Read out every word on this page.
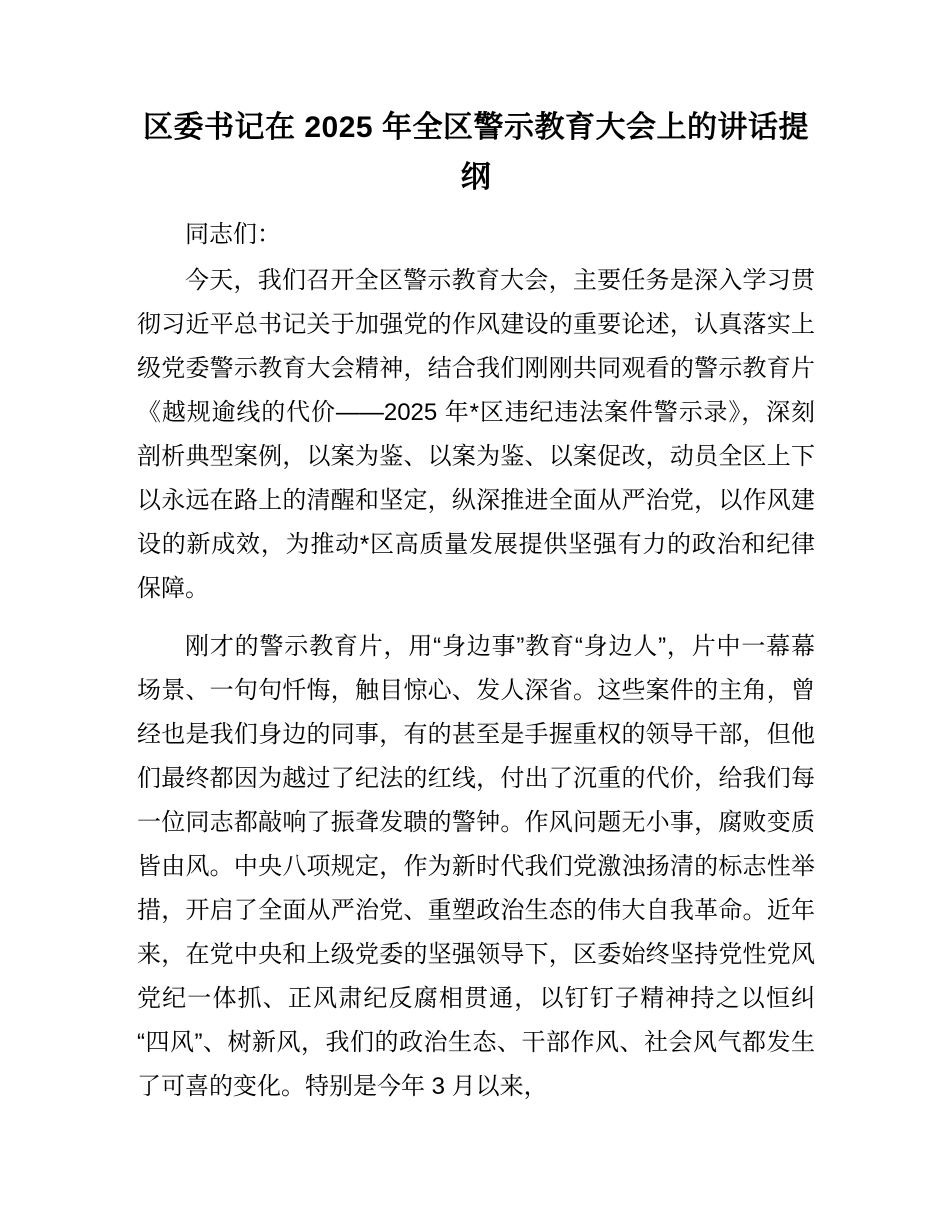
区委书记在 2025 年全区警示教育大会上的讲话提纲

同志们：

今天，我们召开全区警示教育大会，主要任务是深入学习贯彻习近平总书记关于加强党的作风建设的重要论述，认真落实上级党委警示教育大会精神，结合我们刚刚共同观看的警示教育片《越规逾线的代价——2025 年*区违纪违法案件警示录》，深刻剖析典型案例，以案为鉴、以案为鉴、以案促改，动员全区上下以永远在路上的清醒和坚定，纵深推进全面从严治党，以作风建设的新成效，为推动*区高质量发展提供坚强有力的政治和纪律保障。

刚才的警示教育片，用“身边事”教育“身边人”，片中一幕幕场景、一句句忏悔，触目惊心、发人深省。这些案件的主角，曾经也是我们身边的同事，有的甚至是手握重权的领导干部，但他们最终都因为越过了纪法的红线，付出了沉重的代价，给我们每一位同志都敲响了振聋发聩的警钟。作风问题无小事，腐败变质皆由风。中央八项规定，作为新时代我们党激浊扬清的标志性举措，开启了全面从严治党、重塑政治生态的伟大自我革命。近年来，在党中央和上级党委的坚强领导下，区委始终坚持党性党风党纪一体抓、正风肃纪反腐相贯通，以钉钉子精神持之以恒纠“四风”、树新风，我们的政治生态、干部作风、社会风气都发生了可喜的变化。特别是今年 3 月以来，
